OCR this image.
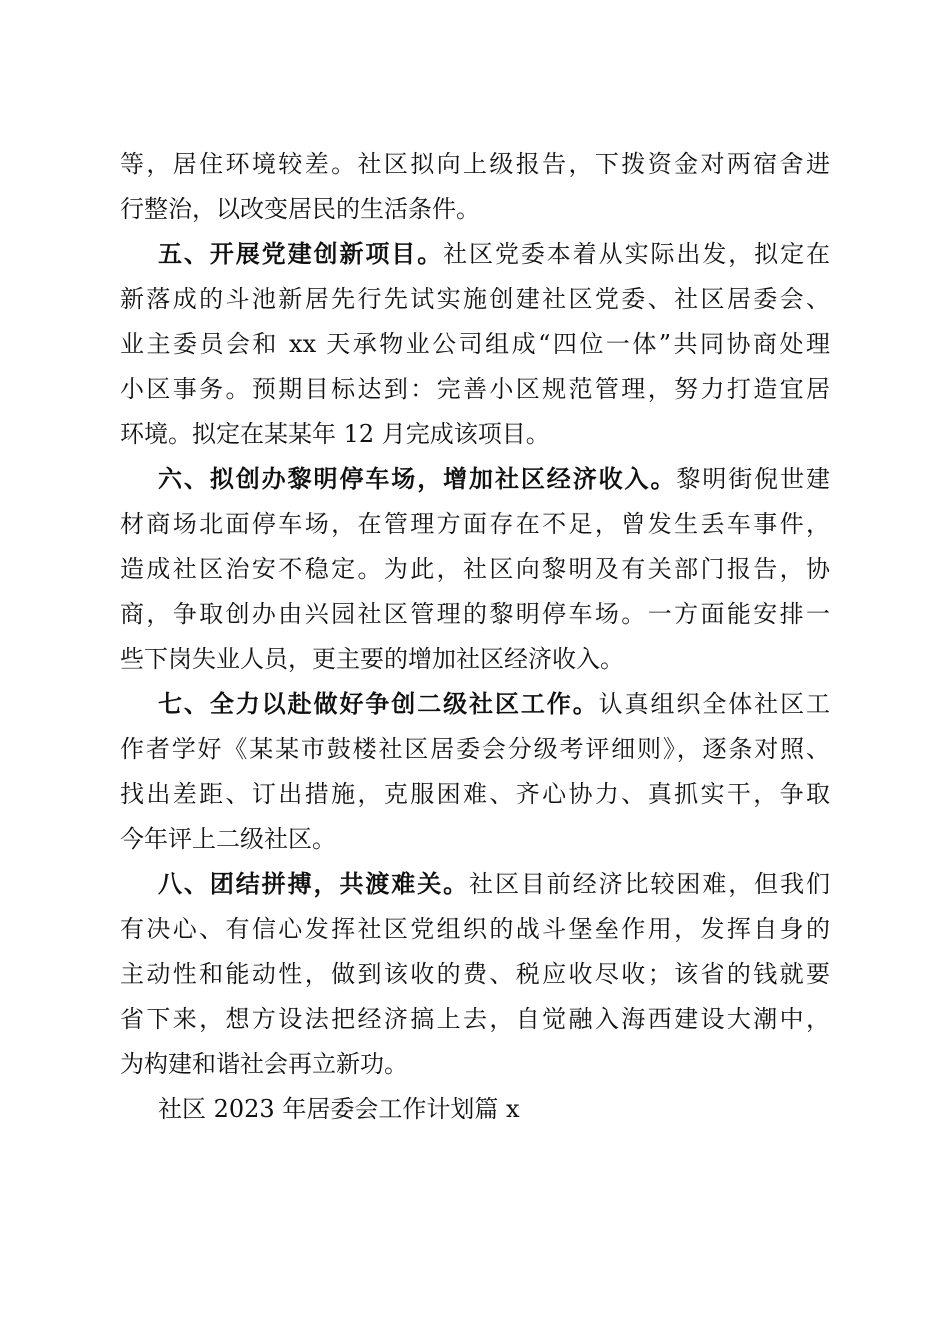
等，居住环境较差。社区拟向上级报告，下拨资金对两宿舍进
行整治，以改变居民的生活条件。
五、开展党建创新项目。社区党委本着从实际出发，拟定在
新落成的斗池新居先行先试实施创建社区党委、社区居委会、
业主委员会和 xx 天承物业公司组成“四位一体”共同协商处理
小区事务。预期目标达到：完善小区规范管理，努力打造宜居
环境。拟定在某某年 12 月完成该项目。
六、拟创办黎明停车场，增加社区经济收入。黎明街倪世建
材商场北面停车场，在管理方面存在不足，曾发生丢车事件，
造成社区治安不稳定。为此，社区向黎明及有关部门报告，协
商，争取创办由兴园社区管理的黎明停车场。一方面能安排一
些下岗失业人员，更主要的增加社区经济收入。
七、全力以赴做好争创二级社区工作。认真组织全体社区工
作者学好《某某市鼓楼社区居委会分级考评细则》，逐条对照、
找出差距、订出措施，克服困难、齐心协力、真抓实干，争取
今年评上二级社区。
八、团结拼搏，共渡难关。社区目前经济比较困难，但我们
有决心、有信心发挥社区党组织的战斗堡垒作用，发挥自身的
主动性和能动性，做到该收的费、税应收尽收；该省的钱就要
省下来，想方设法把经济搞上去，自觉融入海西建设大潮中，
为构建和谐社会再立新功。
社区 2023 年居委会工作计划篇 x
